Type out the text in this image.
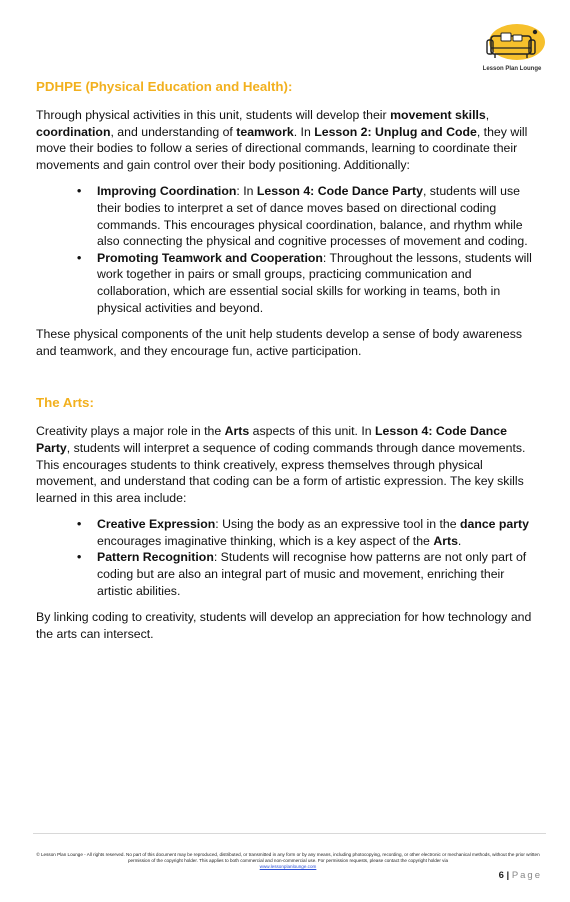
Lesson Plan Lounge
PDHPE (Physical Education and Health):

Through physical activities in this unit, students will develop their movement skills, coordination, and understanding of teamwork. In Lesson 2: Unplug and Code, they will move their bodies to follow a series of directional commands, learning to coordinate their movements and gain control over their body positioning. Additionally:

• Improving Coordination: In Lesson 4: Code Dance Party, students will use their bodies to interpret a set of dance moves based on directional coding commands. This encourages physical coordination, balance, and rhythm while also connecting the physical and cognitive processes of movement and coding.
• Promoting Teamwork and Cooperation: Throughout the lessons, students will work together in pairs or small groups, practicing communication and collaboration, which are essential social skills for working in teams, both in physical activities and beyond.

These physical components of the unit help students develop a sense of body awareness and teamwork, and they encourage fun, active participation.

The Arts:

Creativity plays a major role in the Arts aspects of this unit. In Lesson 4: Code Dance Party, students will interpret a sequence of coding commands through dance movements. This encourages students to think creatively, express themselves through physical movement, and understand that coding can be a form of artistic expression. The key skills learned in this area include:

• Creative Expression: Using the body as an expressive tool in the dance party encourages imaginative thinking, which is a key aspect of the Arts.
• Pattern Recognition: Students will recognise how patterns are not only part of coding but are also an integral part of music and movement, enriching their artistic abilities.

By linking coding to creativity, students will develop an appreciation for how technology and the arts can intersect.

© Lesson Plan Lounge - All rights reserved. No part of this document may be reproduced, distributed, or transmitted in any form or by any means, including photocopying, recording, or other electronic or mechanical methods, without the prior written permission of the copyright holder. This applies to both commercial and non-commercial use. For permission requests, please contact the copyright holder via
www.lessonplanlounge.com
6 | Page
